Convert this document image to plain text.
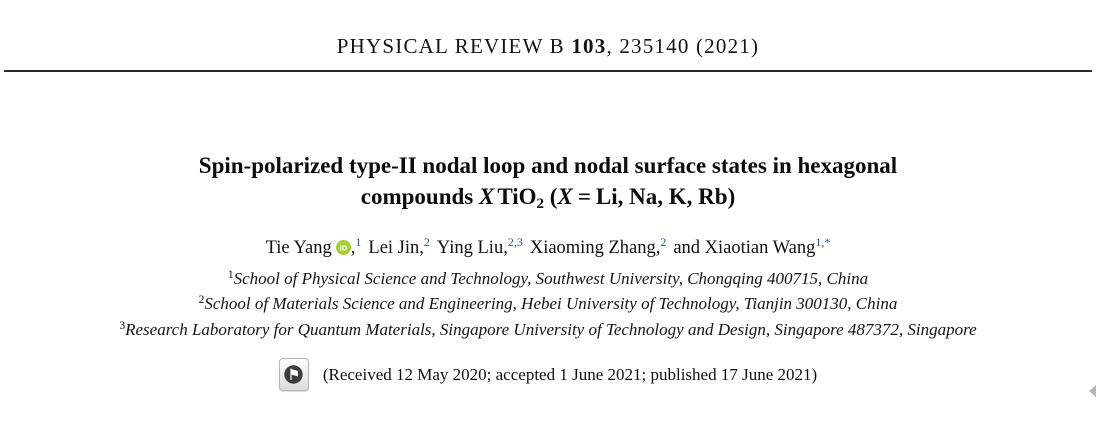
PHYSICAL REVIEW B 103, 235140 (2021)
Spin-polarized type-II nodal loop and nodal surface states in hexagonal
compounds X TiO$_2$ (X = Li, Na, K, Rb)
Tie Yang iD ,$^1$ Lei Jin,$^2$ Ying Liu,$^{2,3}$ Xiaoming Zhang,$^2$ and Xiaotian Wang$^{1,*}$
$^1$School of Physical Science and Technology, Southwest University, Chongqing 400715, China
$^2$School of Materials Science and Engineering, Hebei University of Technology, Tianjin 300130, China
$^3$Research Laboratory for Quantum Materials, Singapore University of Technology and Design, Singapore 487372, Singapore
(Received 12 May 2020; accepted 1 June 2021; published 17 June 2021)
